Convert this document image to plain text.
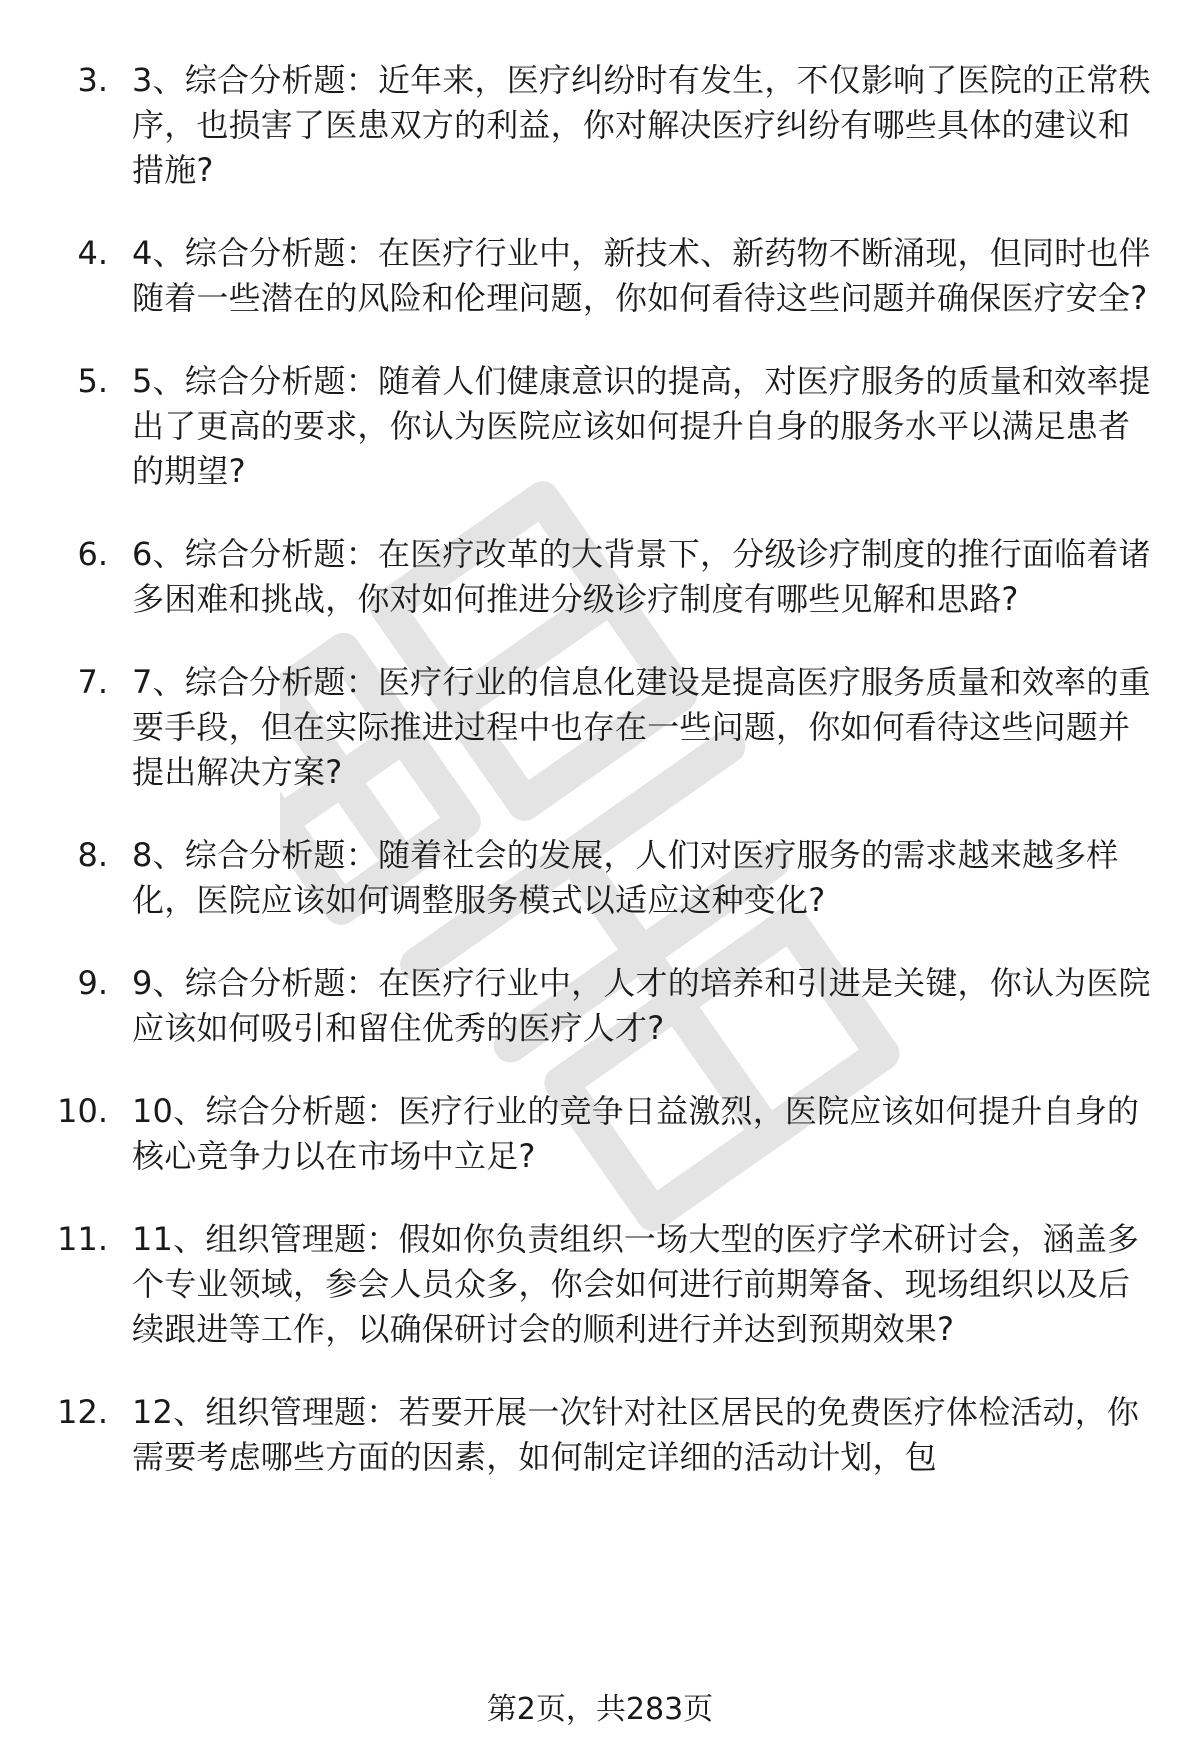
3. 3、综合分析题：近年来，医疗纠纷时有发生，不仅影响了医院的正常秩序，也损害了医患双方的利益，你对解决医疗纠纷有哪些具体的建议和措施?
4. 4、综合分析题：在医疗行业中，新技术、新药物不断涌现，但同时也伴随着一些潜在的风险和伦理问题，你如何看待这些问题并确保医疗安全?
5. 5、综合分析题：随着人们健康意识的提高，对医疗服务的质量和效率提出了更高的要求，你认为医院应该如何提升自身的服务水平以满足患者的期望?
6. 6、综合分析题：在医疗改革的大背景下，分级诊疗制度的推行面临着诸多困难和挑战，你对如何推进分级诊疗制度有哪些见解和思路?
7. 7、综合分析题：医疗行业的信息化建设是提高医疗服务质量和效率的重要手段，但在实际推进过程中也存在一些问题，你如何看待这些问题并提出解决方案?
8. 8、综合分析题：随着社会的发展，人们对医疗服务的需求越来越多样化，医院应该如何调整服务模式以适应这种变化?
9. 9、综合分析题：在医疗行业中，人才的培养和引进是关键，你认为医院应该如何吸引和留住优秀的医疗人才?
10. 10、综合分析题：医疗行业的竞争日益激烈，医院应该如何提升自身的核心竞争力以在市场中立足?
11. 11、组织管理题：假如你负责组织一场大型的医疗学术研讨会，涵盖多个专业领域，参会人员众多，你会如何进行前期筹备、现场组织以及后续跟进等工作，以确保研讨会的顺利进行并达到预期效果?
12. 12、组织管理题：若要开展一次针对社区居民的免费医疗体检活动，你需要考虑哪些方面的因素，如何制定详细的活动计划，包
第2页，共283页
